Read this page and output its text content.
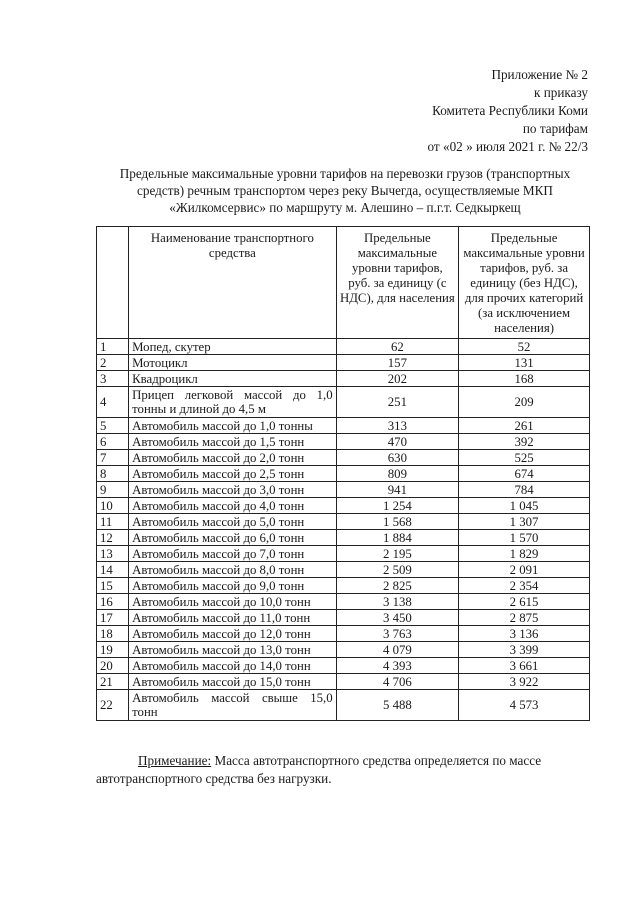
Приложение № 2
к приказу
Комитета Республики Коми
по тарифам
от «02 » июля 2021 г. № 22/3
Предельные максимальные уровни тарифов на перевозки грузов (транспортных средств) речным транспортом через реку Вычегда, осуществляемые МКП «Жилкомсервис» по маршруту м. Алешино – п.г.т. Седкыркещ
	Наименование транспортного средства	Предельные максимальные уровни тарифов, руб. за единицу (с НДС), для населения	Предельные максимальные уровни тарифов, руб. за единицу (без НДС), для прочих категорий (за исключением населения)
1	Мопед, скутер	62	52
2	Мотоцикл	157	131
3	Квадроцикл	202	168
4	Прицеп легковой массой до 1,0 тонны и длиной до 4,5 м	251	209
5	Автомобиль массой до 1,0 тонны	313	261
6	Автомобиль массой до 1,5 тонн	470	392
7	Автомобиль массой до 2,0 тонн	630	525
8	Автомобиль массой до 2,5 тонн	809	674
9	Автомобиль массой до 3,0 тонн	941	784
10	Автомобиль массой до 4,0 тонн	1 254	1 045
11	Автомобиль массой до 5,0 тонн	1 568	1 307
12	Автомобиль массой до 6,0 тонн	1 884	1 570
13	Автомобиль массой до 7,0 тонн	2 195	1 829
14	Автомобиль массой до 8,0 тонн	2 509	2 091
15	Автомобиль массой до 9,0 тонн	2 825	2 354
16	Автомобиль массой до 10,0 тонн	3 138	2 615
17	Автомобиль массой до 11,0 тонн	3 450	2 875
18	Автомобиль массой до 12,0 тонн	3 763	3 136
19	Автомобиль массой до 13,0 тонн	4 079	3 399
20	Автомобиль массой до 14,0 тонн	4 393	3 661
21	Автомобиль массой до 15,0 тонн	4 706	3 922
22	Автомобиль массой свыше 15,0 тонн	5 488	4 573
Примечание: Масса автотранспортного средства определяется по массе автотранспортного средства без нагрузки.
